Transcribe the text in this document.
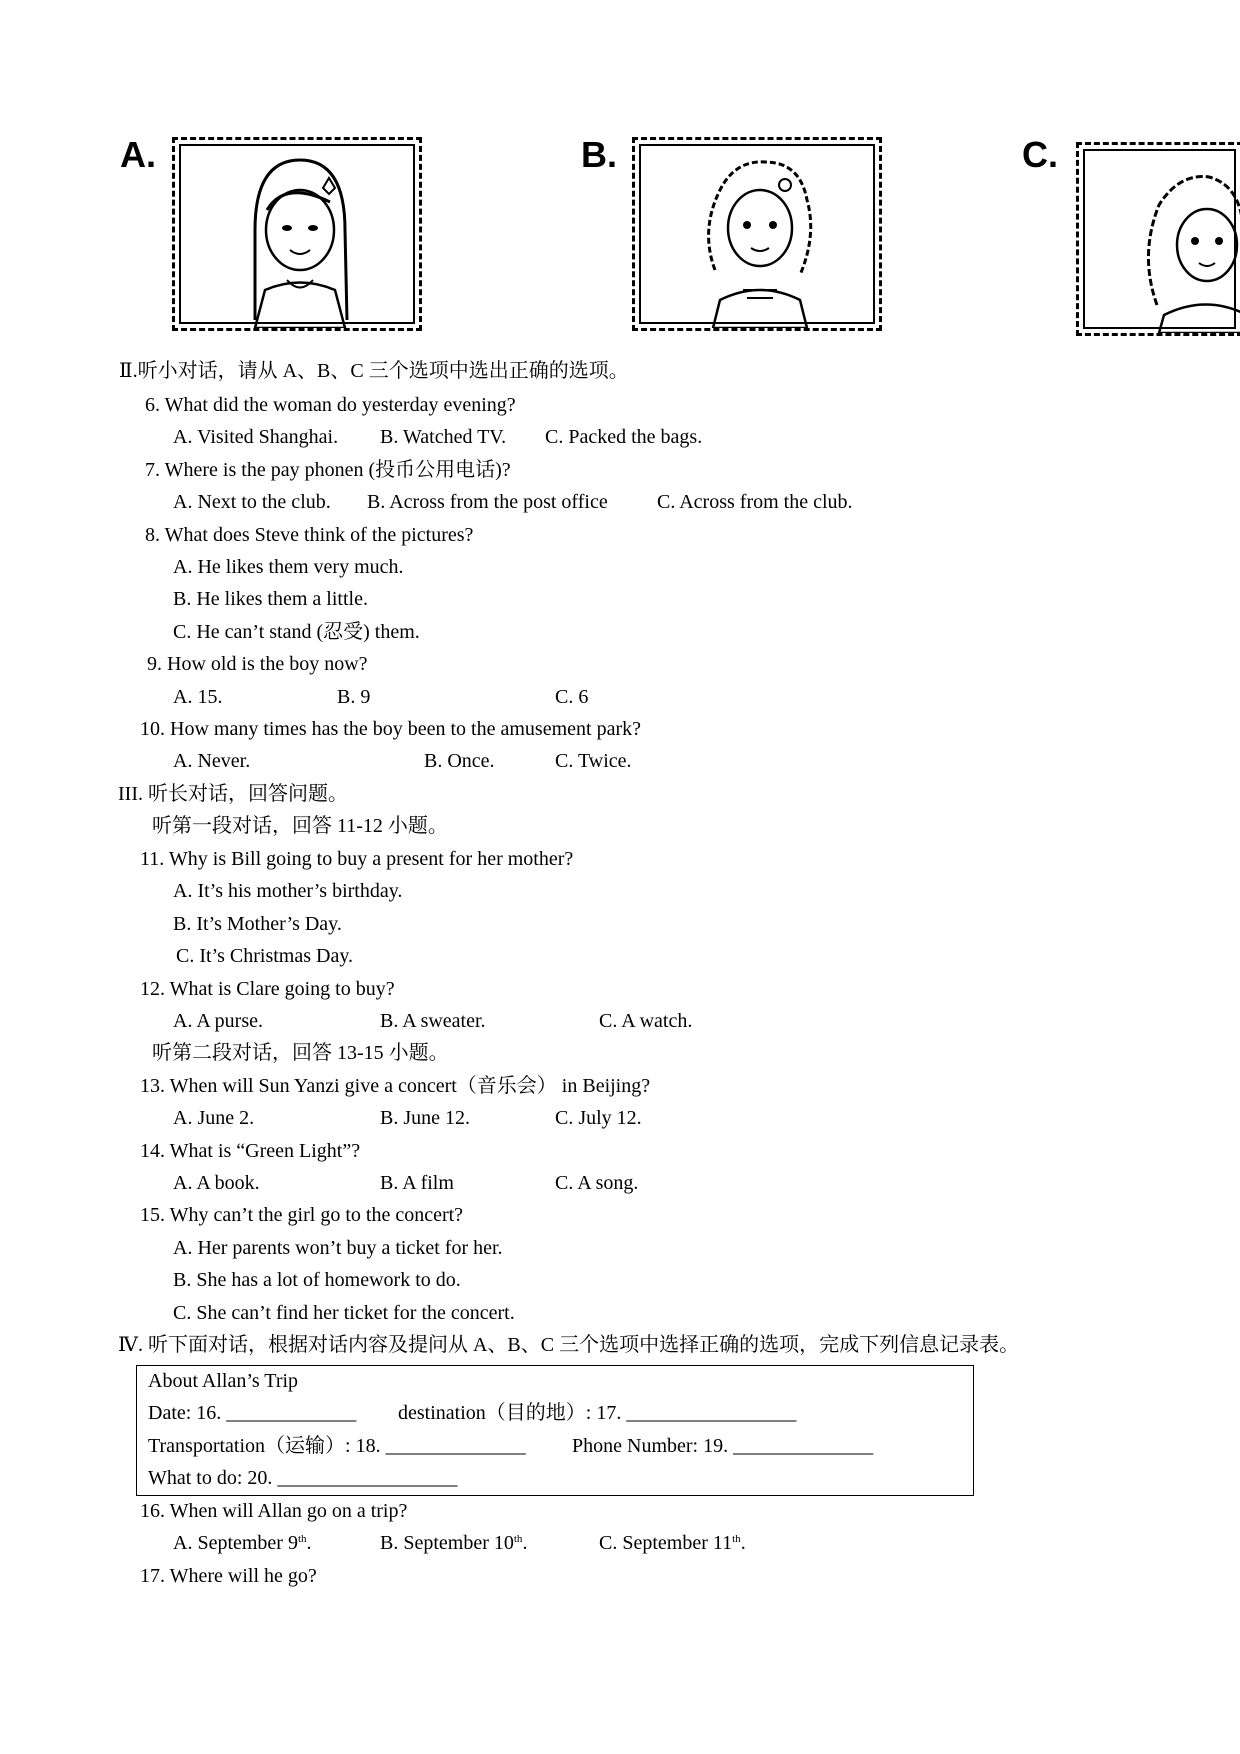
A.	B.	C.
Ⅱ.听小对话，请从 A、B、C 三个选项中选出正确的选项。
6. What did the woman do yesterday evening?
A. Visited Shanghai. B. Watched TV. C. Packed the bags.
7. Where is the pay phonen (投币公用电话)?
A. Next to the club. B. Across from the post office C. Across from the club.
8. What does Steve think of the pictures?
A. He likes them very much.
B. He likes them a little.
C. He can’t stand (忍受) them.
9. How old is the boy now?
A. 15.	B. 9	C. 6
10. How many times has the boy been to the amusement park?
A. Never.	B. Once.	C. Twice.
III. 听长对话，回答问题。
听第一段对话，回答 11-12 小题。
11. Why is Bill going to buy a present for her mother?
A. It’s his mother’s birthday.
B. It’s Mother’s Day.
C. It’s Christmas Day.
12. What is Clare going to buy?
A. A purse.	B. A sweater.	C. A watch.
听第二段对话，回答 13-15 小题。
13. When will Sun Yanzi give a concert（音乐会） in Beijing?
A. June 2.	B. June 12.	C. July 12.
14. What is “Green Light”?
A. A book.	B. A film	C. A song.
15. Why can’t the girl go to the concert?
A. Her parents won’t buy a ticket for her.
B. She has a lot of homework to do.
C. She can’t find her ticket for the concert.
Ⅳ. 听下面对话，根据对话内容及提问从 A、B、C 三个选项中选择正确的选项，完成下列信息记录表。
About Allan’s Trip
Date: 16. _____________ destination（目的地）: 17. _________________
Transportation（运输）: 18. ______________ Phone Number: 19. ______________
What to do: 20. __________________
16. When will Allan go on a trip?
A. September 9th.	B. September 10th.	C. September 11th.
17. Where will he go?
